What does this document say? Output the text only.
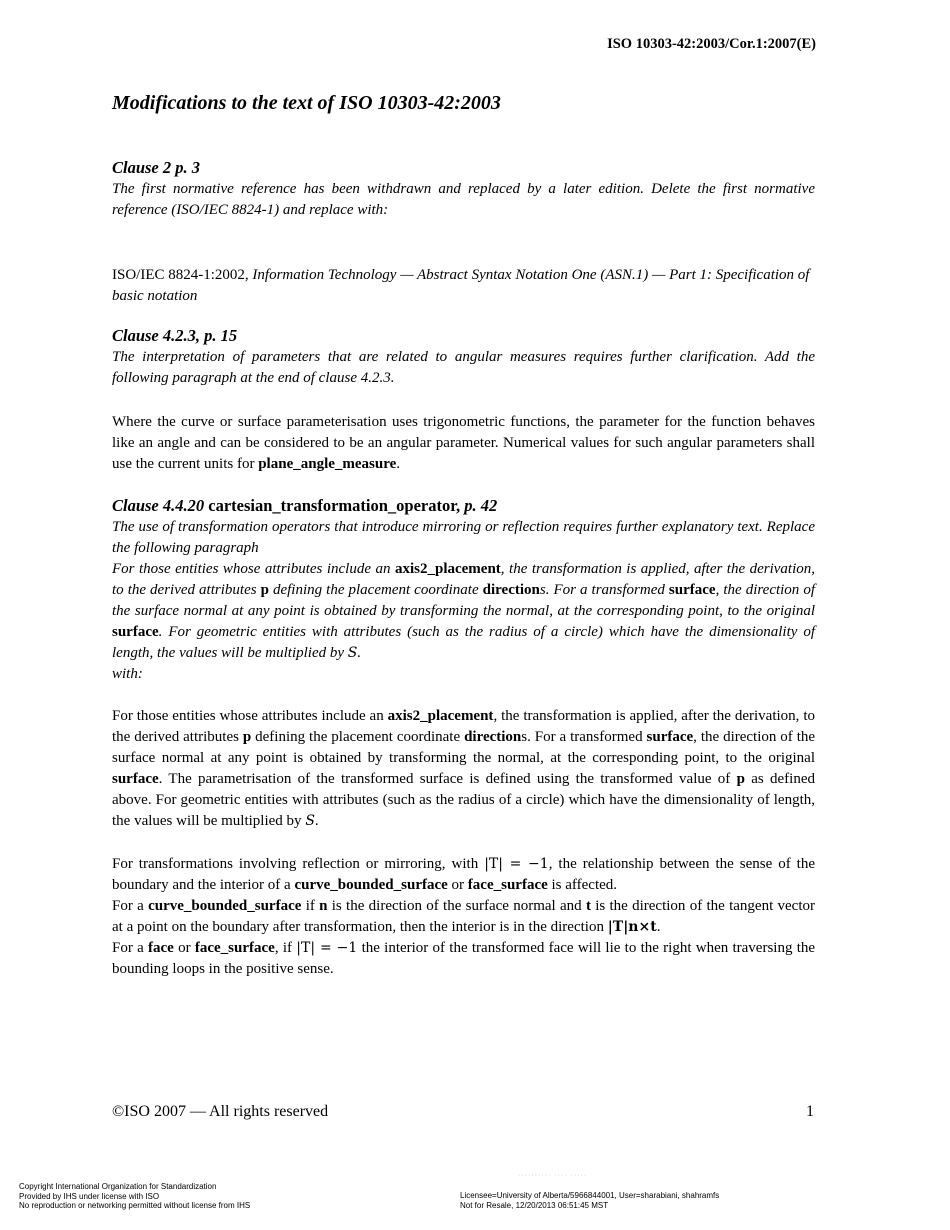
ISO 10303-42:2003/Cor.1:2007(E)
Modifications to the text of ISO 10303-42:2003
Clause 2 p. 3
The first normative reference has been withdrawn and replaced by a later edition. Delete the first normative reference (ISO/IEC 8824-1) and replace with:
ISO/IEC 8824-1:2002, Information Technology — Abstract Syntax Notation One (ASN.1) — Part 1: Specification of basic notation
Clause 4.2.3, p. 15
The interpretation of parameters that are related to angular measures requires further clarification. Add the following paragraph at the end of clause 4.2.3.
Where the curve or surface parameterisation uses trigonometric functions, the parameter for the function behaves like an angle and can be considered to be an angular parameter. Numerical values for such angular parameters shall use the current units for plane_angle_measure.
Clause 4.4.20 cartesian_transformation_operator, p. 42
The use of transformation operators that introduce mirroring or reflection requires further explanatory text. Replace the following paragraph
For those entities whose attributes include an axis2_placement, the transformation is applied, after the derivation, to the derived attributes p defining the placement coordinate directions. For a transformed surface, the direction of the surface normal at any point is obtained by transforming the normal, at the corresponding point, to the original surface. For geometric entities with attributes (such as the radius of a circle) which have the dimensionality of length, the values will be multiplied by S.
with:
For those entities whose attributes include an axis2_placement, the transformation is applied, after the derivation, to the derived attributes p defining the placement coordinate directions. For a transformed surface, the direction of the surface normal at any point is obtained by transforming the normal, at the corresponding point, to the original surface. The parametrisation of the transformed surface is defined using the transformed value of p as defined above. For geometric entities with attributes (such as the radius of a circle) which have the dimensionality of length, the values will be multiplied by S.
For transformations involving reflection or mirroring, with |T| = −1, the relationship between the sense of the boundary and the interior of a curve_bounded_surface or face_surface is affected.
For a curve_bounded_surface if n is the direction of the surface normal and t is the direction of the tangent vector at a point on the boundary after transformation, then the interior is in the direction |T|n×t.
For a face or face_surface, if |T| = −1 the interior of the transformed face will lie to the right when traversing the bounding loops in the positive sense.
©ISO 2007 — All rights reserved	1
·········· ···· ·····
Copyright International Organization for Standardization
Provided by IHS under license with ISO
No reproduction or networking permitted without license from IHS
Licensee=University of Alberta/5966844001, User=sharabiani, shahramfs
Not for Resale, 12/20/2013 06:51:45 MST
